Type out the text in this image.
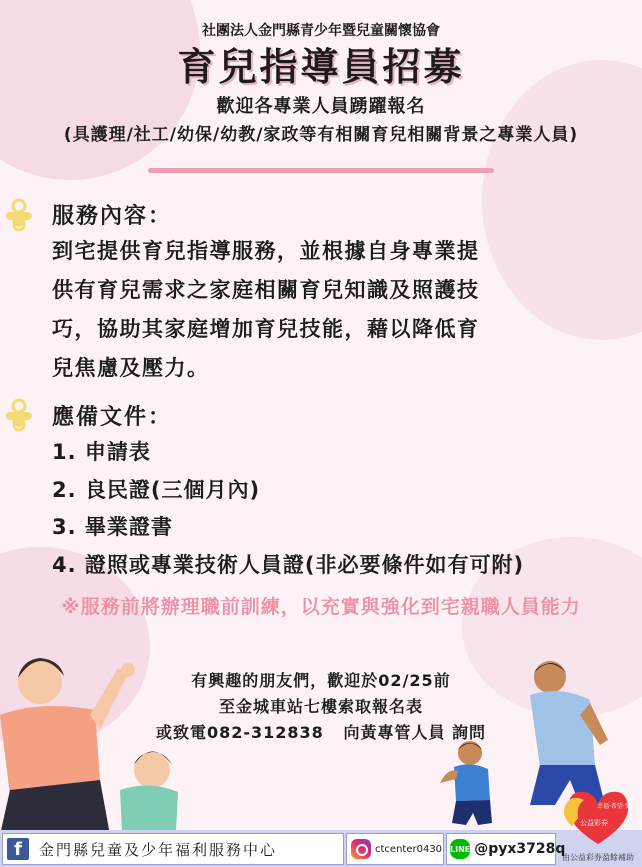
社團法人金門縣青少年暨兒童關懷協會
育兒指導員招募
歡迎各專業人員踴躍報名
(具護理/社工/幼保/幼教/家政等有相關育兒相關背景之專業人員)
服務內容：
到宅提供育兒指導服務，並根據自身專業提
供有育兒需求之家庭相關育兒知識及照護技
巧，協助其家庭增加育兒技能，藉以降低育
兒焦慮及壓力。
應備文件：
1. 申請表
2. 良民證(三個月內)
3. 畢業證書
4. 證照或專業技術人員證(非必要條件如有可附)
※服務前將辦理職前訓練，以充實與強化到宅親職人員能力
有興趣的朋友們，歡迎於02/25前
至金城車站七樓索取報名表
或致電082-312838   向黃專管人員 詢問
f	金門縣兒童及少年福利服務中心	ctcenter0430 LINE @pyx3728q
幸福·希望·愛
公益彩券
由公益彩券盈餘補助
